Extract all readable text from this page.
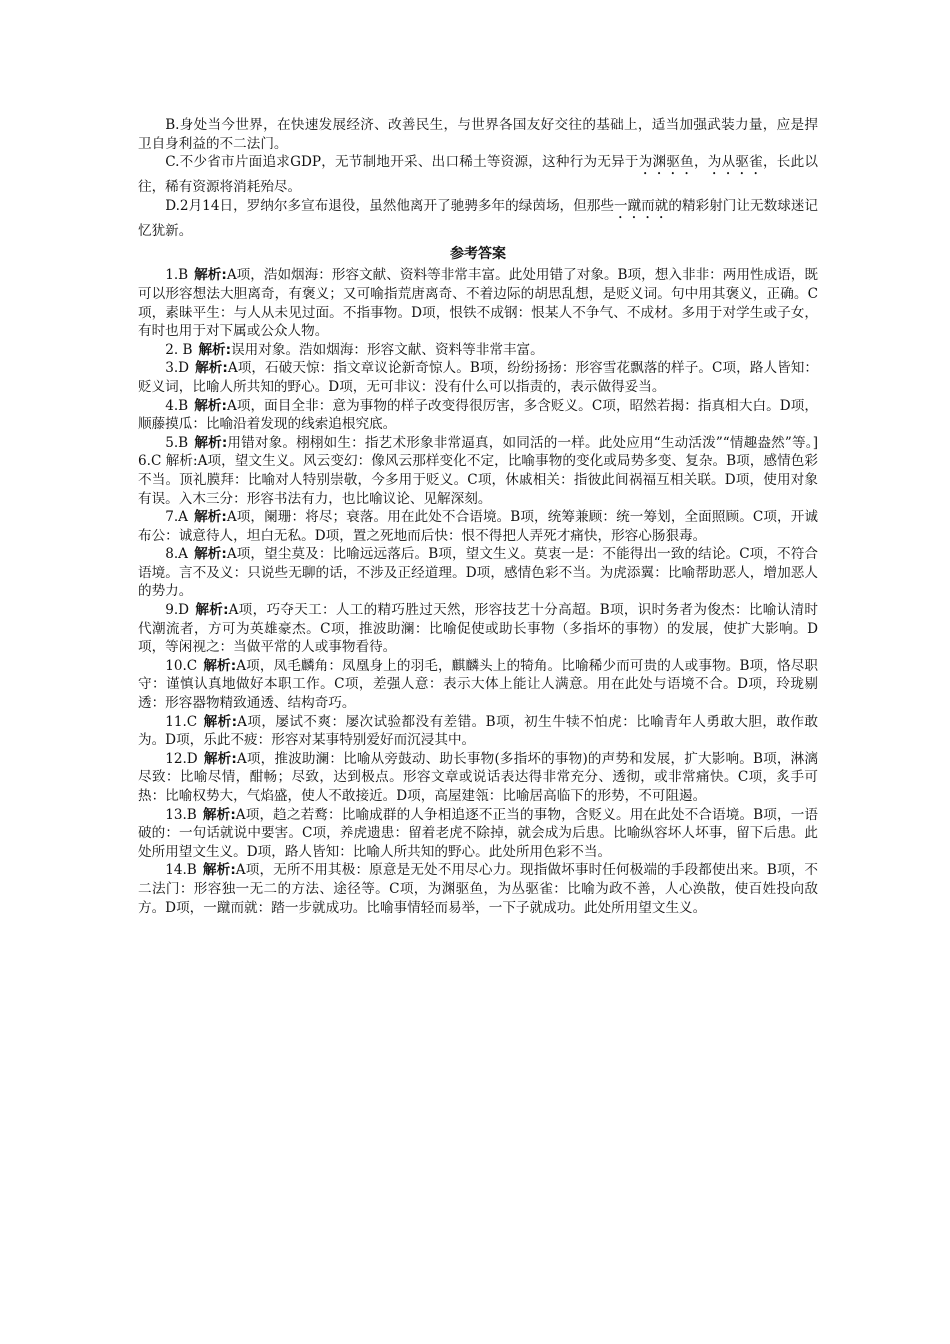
B.身处当今世界，在快速发展经济、改善民生，与世界各国友好交往的基础上，适当加强武装力量，应是捍卫自身利益的不二法门。

C.不少省市片面追求GDP，无节制地开采、出口稀土等资源，这种行为无异于为渊驱鱼，为从驱雀，长此以往，稀有资源将消耗殆尽。

D.2月14日，罗纳尔多宣布退役，虽然他离开了驰骋多年的绿茵场，但那些一蹴而就的精彩射门让无数球迷记忆犹新。

参考答案

1.B 解析:A项，浩如烟海：形容文献、资料等非常丰富。此处用错了对象。B项，想入非非：两用性成语，既可以形容想法大胆离奇，有褒义；又可喻指荒唐离奇、不着边际的胡思乱想，是贬义词。句中用其褒义，正确。C项，素昧平生：与人从未见过面。不指事物。D项，恨铁不成钢：恨某人不争气、不成材。多用于对学生或子女，有时也用于对下属或公众人物。

2. B 解析:误用对象。浩如烟海：形容文献、资料等非常丰富。

3.D 解析:A项，石破天惊：指文章议论新奇惊人。B项，纷纷扬扬：形容雪花飘落的样子。C项，路人皆知：贬义词，比喻人所共知的野心。D项，无可非议：没有什么可以指责的，表示做得妥当。

4.B 解析:A项，面目全非：意为事物的样子改变得很厉害，多含贬义。C项，昭然若揭：指真相大白。D项，顺藤摸瓜：比喻沿着发现的线索追根究底。

5.B 解析:用错对象。栩栩如生：指艺术形象非常逼真，如同活的一样。此处应用“生动活泼”“情趣盎然”等。]6.C 解析:A项，望文生义。风云变幻：像风云那样变化不定，比喻事物的变化或局势多变、复杂。B项，感情色彩不当。顶礼膜拜：比喻对人特别崇敬，今多用于贬义。C项，休戚相关：指彼此间祸福互相关联。D项，使用对象有误。入木三分：形容书法有力，也比喻议论、见解深刻。

7.A 解析:A项，阑珊：将尽；衰落。用在此处不合语境。B项，统筹兼顾：统一筹划，全面照顾。C项，开诚布公：诚意待人，坦白无私。D项，置之死地而后快：恨不得把人弄死才痛快，形容心肠狠毒。

8.A 解析:A项，望尘莫及：比喻远远落后。B项，望文生义。莫衷一是：不能得出一致的结论。C项，不符合语境。言不及义：只说些无聊的话，不涉及正经道理。D项，感情色彩不当。为虎添翼：比喻帮助恶人，增加恶人的势力。

9.D 解析:A项，巧夺天工：人工的精巧胜过天然，形容技艺十分高超。B项，识时务者为俊杰：比喻认清时代潮流者，方可为英雄豪杰。C项，推波助澜：比喻促使或助长事物（多指坏的事物）的发展，使扩大影响。D项，等闲视之：当做平常的人或事物看待。

10.C 解析:A项，凤毛麟角：凤凰身上的羽毛，麒麟头上的犄角。比喻稀少而可贵的人或事物。B项，恪尽职守：谨慎认真地做好本职工作。C项，差强人意：表示大体上能让人满意。用在此处与语境不合。D项，玲珑剔透：形容器物精致通透、结构奇巧。

11.C 解析:A项，屡试不爽：屡次试验都没有差错。B项，初生牛犊不怕虎：比喻青年人勇敢大胆，敢作敢为。D项，乐此不疲：形容对某事特别爱好而沉浸其中。

12.D 解析:A项，推波助澜：比喻从旁鼓动、助长事物(多指坏的事物)的声势和发展，扩大影响。B项，淋漓尽致：比喻尽情，酣畅；尽致，达到极点。形容文章或说话表达得非常充分、透彻，或非常痛快。C项，炙手可热：比喻权势大，气焰盛，使人不敢接近。D项，高屋建瓴：比喻居高临下的形势，不可阻遏。

13.B 解析:A项，趋之若鹜：比喻成群的人争相追逐不正当的事物，含贬义。用在此处不合语境。B项，一语破的：一句话就说中要害。C项，养虎遗患：留着老虎不除掉，就会成为后患。比喻纵容坏人坏事，留下后患。此处所用望文生义。D项，路人皆知：比喻人所共知的野心。此处所用色彩不当。

14.B 解析:A项，无所不用其极：原意是无处不用尽心力。现指做坏事时任何极端的手段都使出来。B项，不二法门：形容独一无二的方法、途径等。C项，为渊驱鱼，为丛驱雀：比喻为政不善，人心涣散，使百姓投向敌方。D项，一蹴而就：踏一步就成功。比喻事情轻而易举，一下子就成功。此处所用望文生义。
